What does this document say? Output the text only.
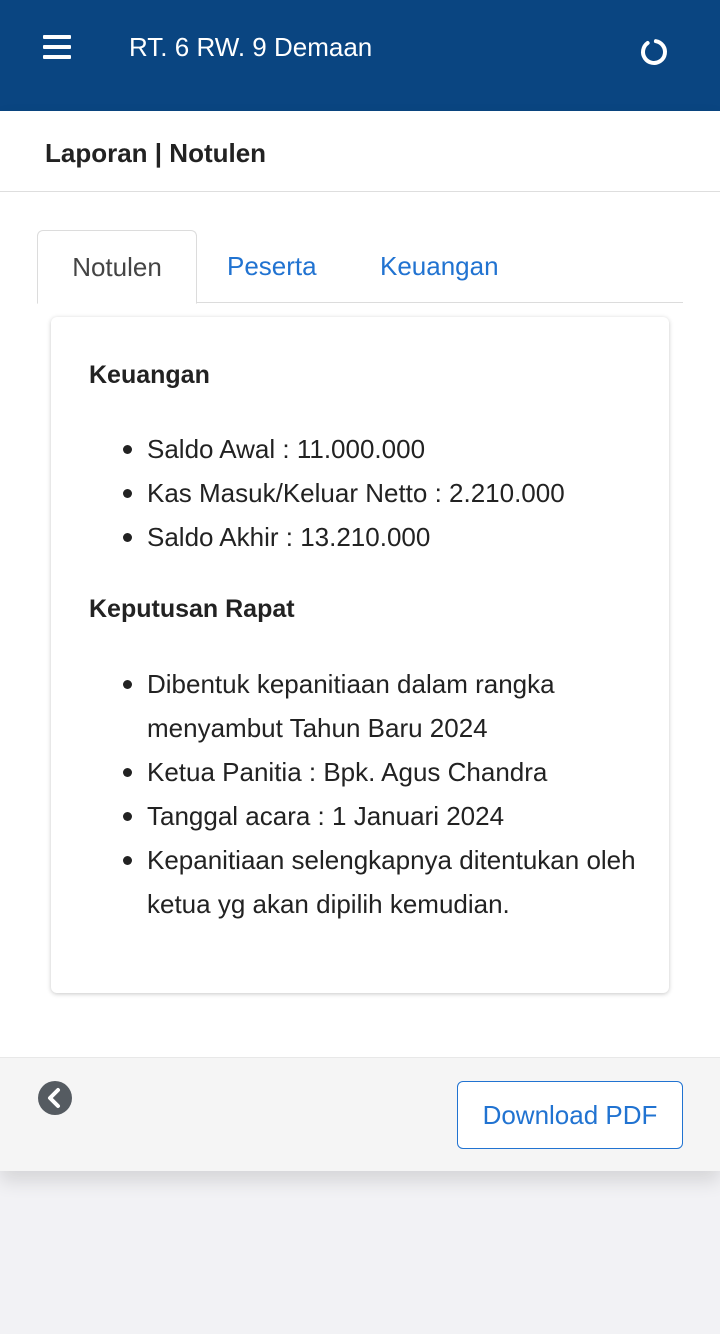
RT. 6 RW. 9 Demaan
Laporan | Notulen
Notulen	Peserta	Keuangan
Keuangan
Saldo Awal : 11.000.000
Kas Masuk/Keluar Netto : 2.210.000
Saldo Akhir : 13.210.000
Keputusan Rapat
Dibentuk kepanitiaan dalam rangka menyambut Tahun Baru 2024
Ketua Panitia : Bpk. Agus Chandra
Tanggal acara : 1 Januari 2024
Kepanitiaan selengkapnya ditentukan oleh ketua yg akan dipilih kemudian.
Download PDF
